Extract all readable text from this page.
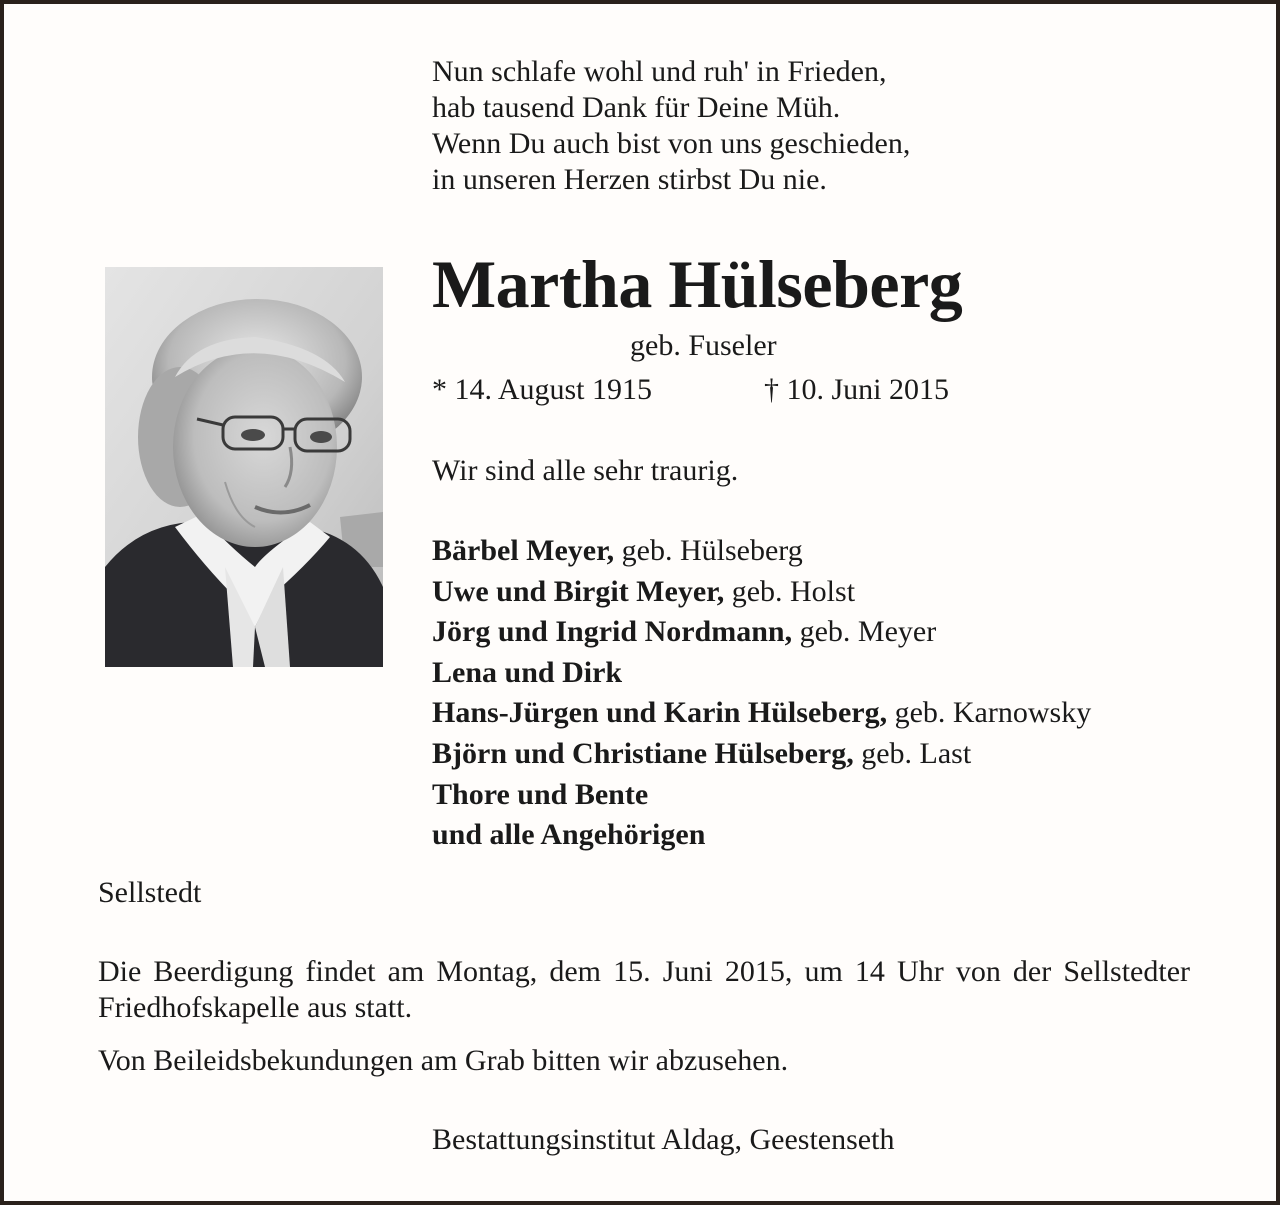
Nun schlafe wohl und ruh' in Frieden,
hab tausend Dank für Deine Müh.
Wenn Du auch bist von uns geschieden,
in unseren Herzen stirbst Du nie.
Martha Hülseberg
geb. Fuseler
* 14. August 1915	† 10. Juni 2015
Wir sind alle sehr traurig.
Bärbel Meyer, geb. Hülseberg
Uwe und Birgit Meyer, geb. Holst
Jörg und Ingrid Nordmann, geb. Meyer
Lena und Dirk
Hans-Jürgen und Karin Hülseberg, geb. Karnowsky
Björn und Christiane Hülseberg, geb. Last
Thore und Bente
und alle Angehörigen
Sellstedt

Die Beerdigung findet am Montag, dem 15. Juni 2015, um 14 Uhr von der Sellstedter Friedhofskapelle aus statt.

Von Beileidsbekundungen am Grab bitten wir abzusehen.
Bestattungsinstitut Aldag, Geestenseth
